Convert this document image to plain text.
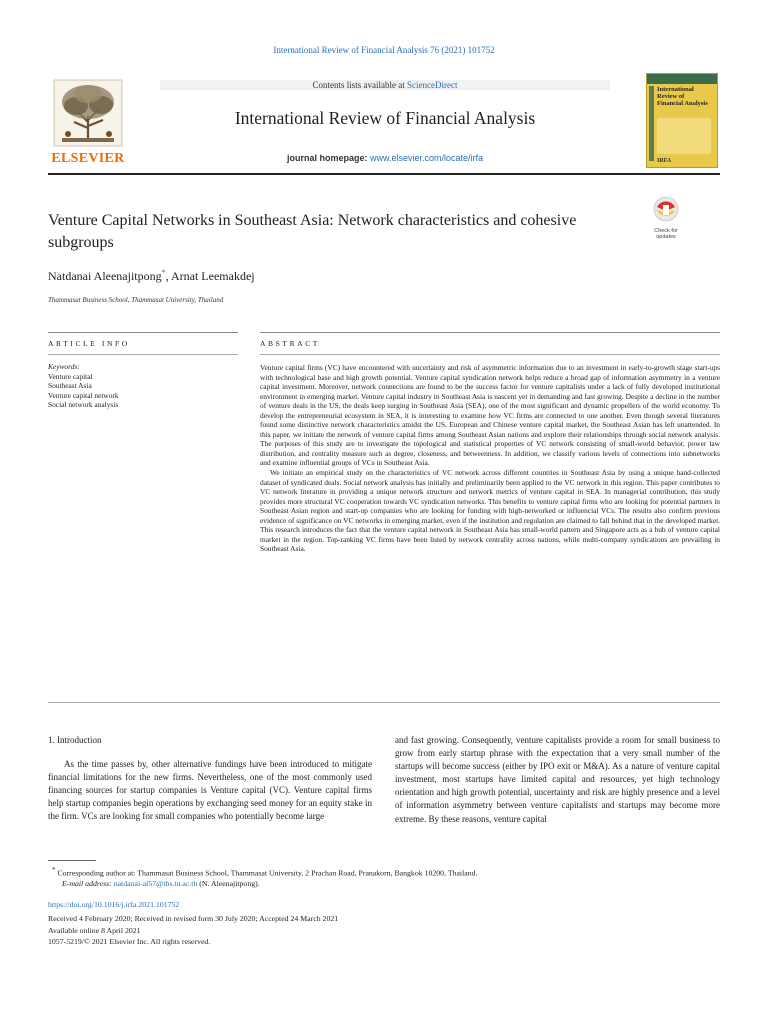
International Review of Financial Analysis 76 (2021) 101752
ELSEVIER
Contents lists available at ScienceDirect
International Review of Financial Analysis
journal homepage: www.elsevier.com/locate/irfa
International Review of Financial Analysis
IRFA
Venture Capital Networks in Southeast Asia: Network characteristics and cohesive subgroups
Check for
updates
Natdanai Aleenajitpong*, Arnat Leemakdej
Thammasat Business School, Thammasat University, Thailand
ARTICLE INFO	ABSTRACT
Keywords:
Venture capital
Southeast Asia
Venture capital network
Social network analysis

Venture capital firms (VC) have encountered with uncertainty and risk of asymmetric information due to an investment in early-to-growth stage start-ups with technological base and high growth potential. Venture capital syndication network helps reduce a broad gap of information asymmetry in a venture capital investment. Moreover, network connections are found to be the success factor for venture capitalists under a lack of fully developed institutional environment in emerging market. Venture capital industry in Southeast Asia is nascent yet in demanding and fast growing. Despite a decline in the number of venture deals in the US, the deals keep surging in Southeast Asia (SEA), one of the most significant and dynamic propellers of the world economy. To develop the entrepreneurial ecosystem in SEA, it is interesting to examine how VC firms are connected to one another. Even though several literatures found some distinctive network characteristics amidst the US, European and Chinese venture capital market, the Southeast Asian has left unattended. In this paper, we initiate the network of venture capital firms among Southeast Asian nations and explore their relationships through social network analysis. The purposes of this study are to investigate the topological and statistical properties of VC network consisting of small-world behavior, power law distribution, and centrality measure such as degree, closeness, and betweenness. In addition, we classify various levels of connections into subnetworks and examine influential groups of VCs in Southeast Asia.

We initiate an empirical study on the characteristics of VC network across different countries in Southeast Asia by using a unique hand-collected dataset of syndicated deals. Social network analysis has initially and preliminarily been applied to the VC network in this region. This paper contributes to VC network literature in providing a unique network structure and network metrics of venture capital in SEA. In managerial contribution, this study provides more structural VC cooperation towards VC syndication networks. This benefits to venture capital firms who are looking for potential partners in Southeast Asian region and start-up companies who are looking for funding with high-networked or influencial VCs. The results also confirm previous evidence of significance on VC networks in emerging market, even if the institution and regulation are claimed to fall behind that in the developed market. This research introduces the fact that the venture capital network in Southeast Asia has small-world pattern and Singapore acts as a hub of venture capital market in the region. Top-ranking VC firms have been listed by network centrality across nations, while multi-company syndications are prevailing in Southeast Asia.

1. Introduction
As the time passes by, other alternative fundings have been introduced to mitigate financial limitations for the new firms. Nevertheless, one of the most commonly used financing sources for startup companies is Venture capital (VC). Venture capital firms help startup companies begin operations by exchanging seed money for an equity stake in the firm. VCs are looking for small companies who potentially become large
and fast growing. Consequently, venture capitalists provide a room for small business to grow from early startup phrase with the expectation that a very small number of the startups will become success (either by IPO exit or M&A). As a nature of venture capital investment, most startups have limited capital and resources, yet high technology orientation and high growth potential, uncertainty and risk are highly presence and a level of information asymmetry between venture capitalists and startups may become more extreme. By these reasons, venture capital
* Corresponding author at: Thammasat Business School, Thammasat University, 2 Prachan Road, Pranakorn, Bangkok 10200, Thailand.
E-mail address: natdanai-al57@tbs.tu.ac.th (N. Aleenajitpong).
https://doi.org/10.1016/j.irfa.2021.101752
Received 4 February 2020; Received in revised form 30 July 2020; Accepted 24 March 2021
Available online 8 April 2021
1057-5219/© 2021 Elsevier Inc. All rights reserved.
